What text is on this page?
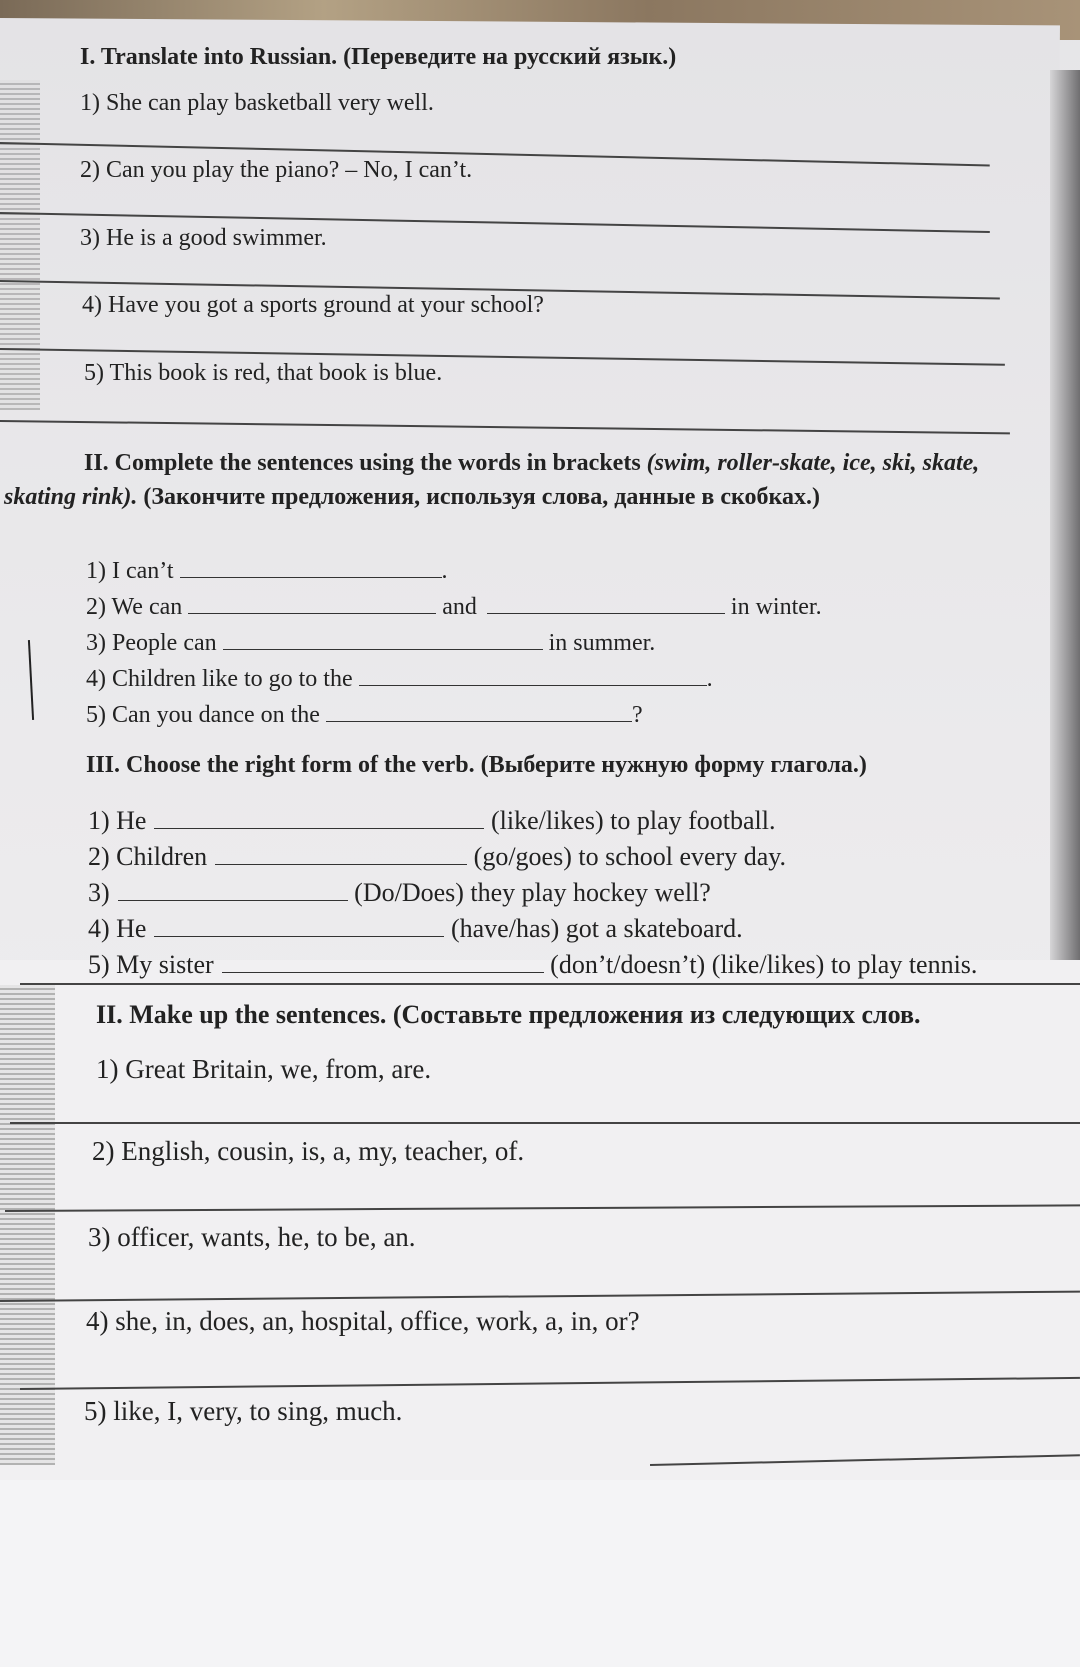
I. Translate into Russian. (Переведите на русский язык.)
1) She can play basketball very well.
2) Can you play the piano? – No, I can’t.
3) He is a good swimmer.
4) Have you got a sports ground at your school?
5) This book is red, that book is blue.
II. Complete the sentences using the words in brackets (swim, roller-skate, ice, ski, skate, skating rink). (Закончите предложения, используя слова, данные в скобках.)
1) I can’t	.
2) We can	and	in winter.
3) People can	in summer.
4) Children like to go to the	.
5) Can you dance on the	?
III. Choose the right form of the verb. (Выберите нужную форму глагола.)
1) He	(like/likes) to play football.
2) Children	(go/goes) to school every day.
3)	(Do/Does) they play hockey well?
4) He	(have/has) got a skateboard.
5) My sister	(don’t/doesn’t) (like/likes) to play tennis.
II. Make up the sentences. (Составьте предложения из следующих слов.
1) Great Britain, we, from, are.
2) English, cousin, is, a, my, teacher, of.
3) officer, wants, he, to be, an.
4) she, in, does, an, hospital, office, work, a, in, or?
5) like, I, very, to sing, much.
